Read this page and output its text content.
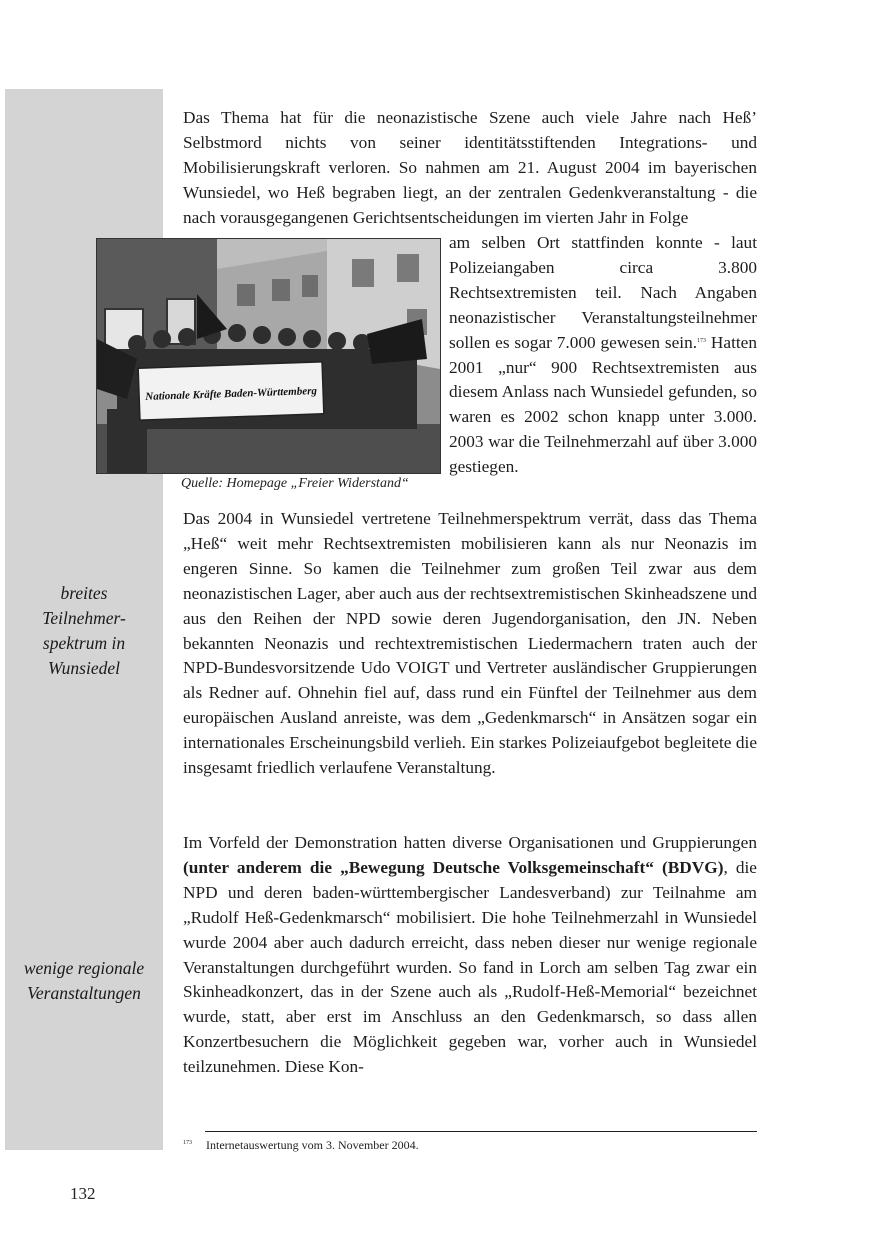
breites
Teilnehmer-
spektrum in
Wunsiedel
wenige regionale
Veranstaltungen

Das Thema hat für die neonazistische Szene auch viele Jahre nach Heß’ Selbstmord nichts von seiner identitätsstiftenden Integrations- und Mobilisierungskraft verloren. So nahmen am 21. August 2004 im bayerischen Wunsiedel, wo Heß begraben liegt, an der zentralen Gedenkveranstaltung - die nach vorausgegangenen Gerichtsentscheidungen im vierten Jahr in Folge

am selben Ort stattfinden konnte - laut Polizeiangaben circa 3.800 Rechtsextremisten teil. Nach Angaben neonazistischer Veranstaltungsteilnehmer sollen es sogar 7.000 gewesen sein.$^{173}$ Hatten 2001 „nur“ 900 Rechtsextremisten aus diesem Anlass nach Wunsiedel gefunden, so waren es 2002 schon knapp unter 3.000. 2003 war die Teilnehmerzahl auf über 3.000 gestiegen.

Nationale Kräfte Baden-Württemberg
Quelle: Homepage „Freier Widerstand“

Das 2004 in Wunsiedel vertretene Teilnehmerspektrum verrät, dass das Thema „Heß“ weit mehr Rechtsextremisten mobilisieren kann als nur Neonazis im engeren Sinne. So kamen die Teilnehmer zum großen Teil zwar aus dem neonazistischen Lager, aber auch aus der rechtsextremistischen Skinheadszene und aus den Reihen der NPD sowie deren Jugendorganisation, den JN. Neben bekannten Neonazis und rechtextremistischen Liedermachern traten auch der NPD-Bundesvorsitzende Udo VOIGT und Vertreter ausländischer Gruppierungen als Redner auf. Ohnehin fiel auf, dass rund ein Fünftel der Teilnehmer aus dem europäischen Ausland anreiste, was dem „Gedenkmarsch“ in Ansätzen sogar ein internationales Erscheinungsbild verlieh. Ein starkes Polizeiaufgebot begleitete die insgesamt friedlich verlaufene Veranstaltung.

Im Vorfeld der Demonstration hatten diverse Organisationen und Gruppierungen (unter anderem die „Bewegung Deutsche Volksgemeinschaft“ (BDVG), die NPD und deren baden-württembergischer Landesverband) zur Teilnahme am „Rudolf Heß-Gedenkmarsch“ mobilisiert. Die hohe Teilnehmerzahl in Wunsiedel wurde 2004 aber auch dadurch erreicht, dass neben dieser nur wenige regionale Veranstaltungen durchgeführt wurden. So fand in Lorch am selben Tag zwar ein Skinheadkonzert, das in der Szene auch als „Rudolf-Heß-Memorial“ bezeichnet wurde, statt, aber erst im Anschluss an den Gedenkmarsch, so dass allen Konzertbesuchern die Möglichkeit gegeben war, vorher auch in Wunsiedel teilzunehmen. Diese Kon-

$^{173}$ Internetauswertung vom 3. November 2004.
132
